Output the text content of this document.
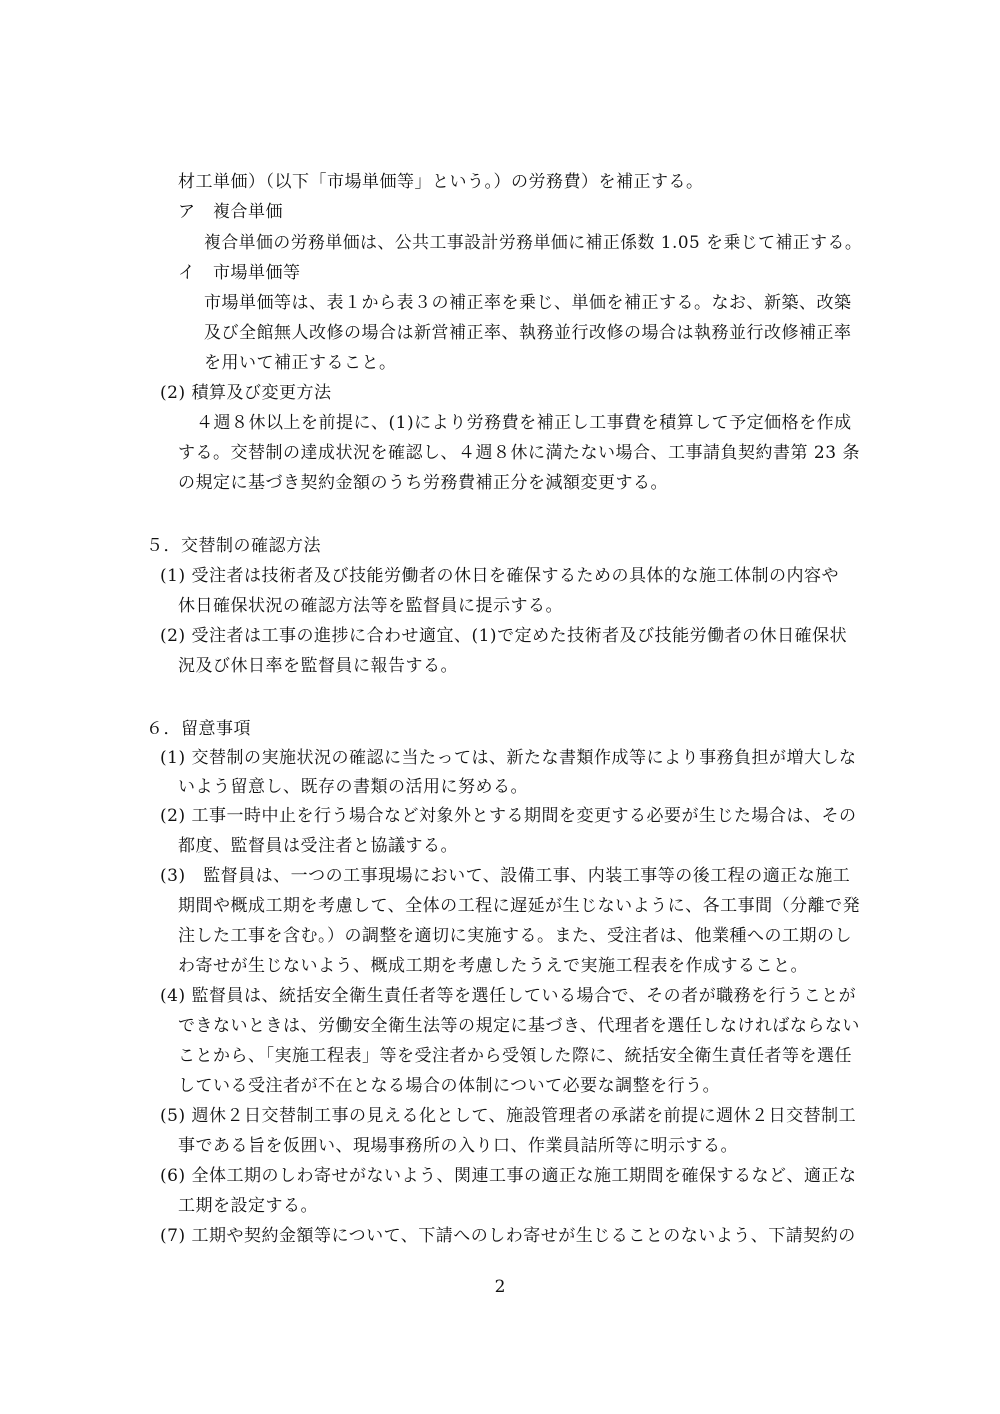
材工単価）（以下「市場単価等」という。）の労務費）を補正する。
ア　複合単価
複合単価の労務単価は、公共工事設計労務単価に補正係数 1.05 を乗じて補正する。
イ　市場単価等
市場単価等は、表１から表３の補正率を乗じ、単価を補正する。なお、新築、改築
及び全館無人改修の場合は新営補正率、執務並行改修の場合は執務並行改修補正率
を用いて補正すること。
(2) 積算及び変更方法
４週８休以上を前提に、(1)により労務費を補正し工事費を積算して予定価格を作成
する。交替制の達成状況を確認し、４週８休に満たない場合、工事請負契約書第 23 条
の規定に基づき契約金額のうち労務費補正分を減額変更する。
５．交替制の確認方法
(1) 受注者は技術者及び技能労働者の休日を確保するための具体的な施工体制の内容や
休日確保状況の確認方法等を監督員に提示する。
(2) 受注者は工事の進捗に合わせ適宜、(1)で定めた技術者及び技能労働者の休日確保状
況及び休日率を監督員に報告する。
６．留意事項
(1) 交替制の実施状況の確認に当たっては、新たな書類作成等により事務負担が増大しな
いよう留意し、既存の書類の活用に努める。
(2) 工事一時中止を行う場合など対象外とする期間を変更する必要が生じた場合は、その
都度、監督員は受注者と協議する。
(3)　監督員は、一つの工事現場において、設備工事、内装工事等の後工程の適正な施工
期間や概成工期を考慮して、全体の工程に遅延が生じないように、各工事間（分離で発
注した工事を含む。）の調整を適切に実施する。また、受注者は、他業種への工期のし
わ寄せが生じないよう、概成工期を考慮したうえで実施工程表を作成すること。
(4) 監督員は、統括安全衛生責任者等を選任している場合で、その者が職務を行うことが
できないときは、労働安全衛生法等の規定に基づき、代理者を選任しなければならない
ことから、「実施工程表」等を受注者から受領した際に、統括安全衛生責任者等を選任
している受注者が不在となる場合の体制について必要な調整を行う。
(5) 週休２日交替制工事の見える化として、施設管理者の承諾を前提に週休２日交替制工
事である旨を仮囲い、現場事務所の入り口、作業員詰所等に明示する。
(6) 全体工期のしわ寄せがないよう、関連工事の適正な施工期間を確保するなど、適正な
工期を設定する。
(7) 工期や契約金額等について、下請へのしわ寄せが生じることのないよう、下請契約の
2
